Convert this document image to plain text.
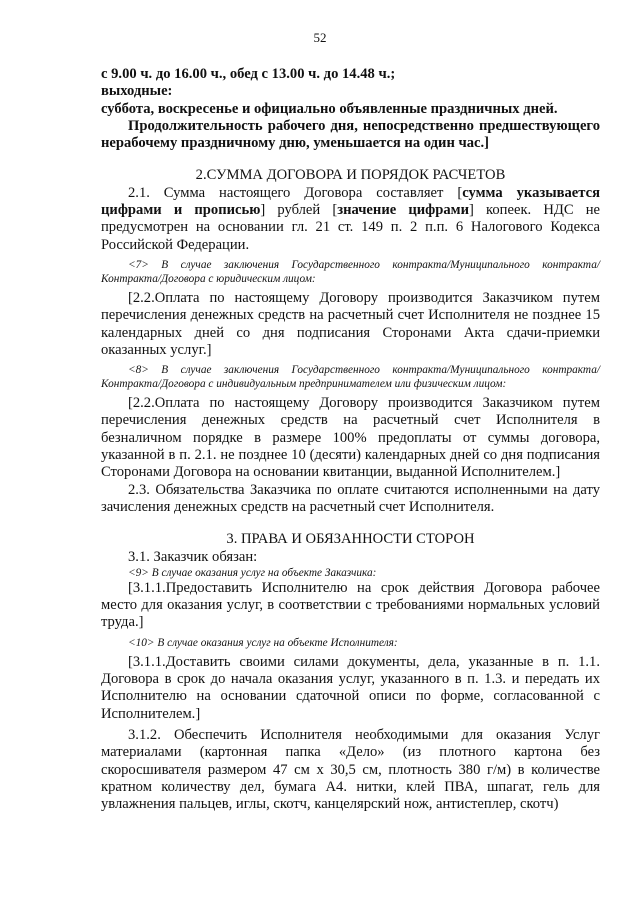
52

с 9.00 ч. до 16.00 ч., обед с 13.00 ч. до 14.48 ч.;

выходные:

суббота, воскресенье и официально объявленные праздничных дней.

Продолжительность рабочего дня, непосредственно предшествующего нерабочему праздничному дню, уменьшается на один час.]

2.СУММА ДОГОВОРА И ПОРЯДОК РАСЧЕТОВ

2.1. Сумма настоящего Договора составляет [сумма указывается цифрами и прописью] рублей [значение цифрами] копеек. НДС не предусмотрен на основании гл. 21 ст. 149 п. 2 п.п. 6 Налогового Кодекса Российской Федерации.

<7> В случае заключения Государственного контракта/Муниципального контракта/Контракта/Договора с юридическим лицом:

[2.2.Оплата по настоящему Договору производится Заказчиком путем перечисления денежных средств на расчетный счет Исполнителя не позднее 15 календарных дней со дня подписания Сторонами Акта сдачи-приемки оказанных услуг.]

<8> В случае заключения Государственного контракта/Муниципального контракта/Контракта/Договора с индивидуальным предпринимателем или физическим лицом:

[2.2.Оплата по настоящему Договору производится Заказчиком путем перечисления денежных средств на расчетный счет Исполнителя в безналичном порядке в размере 100% предоплаты от суммы договора, указанной в п. 2.1. не позднее 10 (десяти) календарных дней со дня подписания Сторонами Договора на основании квитанции, выданной Исполнителем.]

2.3. Обязательства Заказчика по оплате считаются исполненными на дату зачисления денежных средств на расчетный счет Исполнителя.

3. ПРАВА И ОБЯЗАННОСТИ СТОРОН

3.1. Заказчик обязан:

<9> В случае оказания услуг на объекте Заказчика:

[3.1.1.Предоставить Исполнителю на срок действия Договора рабочее место для оказания услуг, в соответствии с требованиями нормальных условий труда.]

<10> В случае оказания услуг на объекте Исполнителя:

[3.1.1.Доставить своими силами документы, дела, указанные в п. 1.1. Договора в срок до начала оказания услуг, указанного в п. 1.3. и передать их Исполнителю на основании сдаточной описи по форме, согласованной с Исполнителем.]

3.1.2. Обеспечить Исполнителя необходимыми для оказания Услуг материалами (картонная папка «Дело» (из плотного картона без скоросшивателя размером 47 см х 30,5 см, плотность 380 г/м) в количестве кратном количеству дел, бумага А4. нитки, клей ПВА, шпагат, гель для увлажнения пальцев, иглы, скотч, канцелярский нож, антистеплер, скотч)
